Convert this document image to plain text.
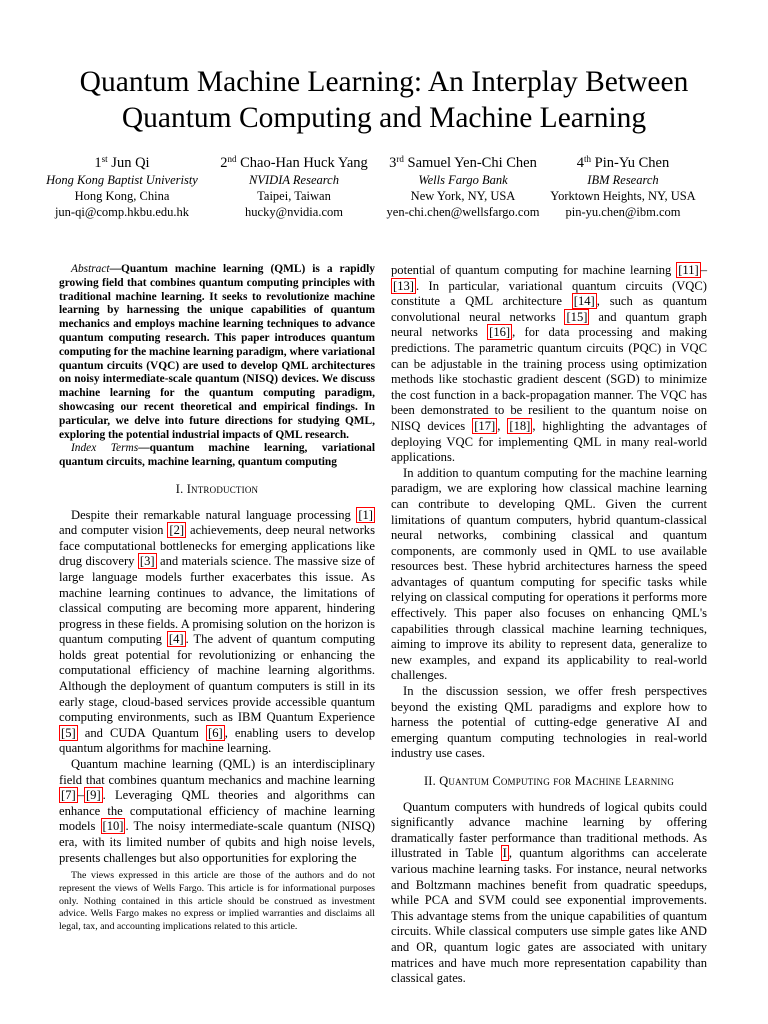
Quantum Machine Learning: An Interplay Between
Quantum Computing and Machine Learning
1st Jun Qi
Hong Kong Baptist Univeristy
Hong Kong, China
jun-qi@comp.hkbu.edu.hk
2nd Chao-Han Huck Yang
NVIDIA Research
Taipei, Taiwan
hucky@nvidia.com
3rd Samuel Yen-Chi Chen
Wells Fargo Bank
New York, NY, USA
yen-chi.chen@wellsfargo.com
4th Pin-Yu Chen
IBM Research
Yorktown Heights, NY, USA
pin-yu.chen@ibm.com

Abstract—Quantum machine learning (QML) is a rapidly growing field that combines quantum computing principles with traditional machine learning. It seeks to revolutionize machine learning by harnessing the unique capabilities of quantum mechanics and employs machine learning techniques to advance quantum computing research. This paper introduces quantum computing for the machine learning paradigm, where variational quantum circuits (VQC) are used to develop QML architectures on noisy intermediate-scale quantum (NISQ) devices. We discuss machine learning for the quantum computing paradigm, showcasing our recent theoretical and empirical findings. In particular, we delve into future directions for studying QML, exploring the potential industrial impacts of QML research.

Index Terms—quantum machine learning, variational quantum circuits, machine learning, quantum computing

I. Introduction

Despite their remarkable natural language processing [1] and computer vision [2] achievements, deep neural networks face computational bottlenecks for emerging applications like drug discovery [3] and materials science. The massive size of large language models further exacerbates this issue. As machine learning continues to advance, the limitations of classical computing are becoming more apparent, hindering progress in these fields. A promising solution on the horizon is quantum computing [4] . The advent of quantum computing holds great potential for revolutionizing or enhancing the computational efficiency of machine learning algorithms. Although the deployment of quantum computers is still in its early stage, cloud-based services provide accessible quantum computing environments, such as IBM Quantum Experience [5] and CUDA Quantum [6] , enabling users to develop quantum algorithms for machine learning.

Quantum machine learning (QML) is an interdisciplinary field that combines quantum mechanics and machine learning [7] – [9] . Leveraging QML theories and algorithms can enhance the computational efficiency of machine learning models [10] . The noisy intermediate-scale quantum (NISQ) era, with its limited number of qubits and high noise levels, presents challenges but also opportunities for exploring the

The views expressed in this article are those of the authors and do not represent the views of Wells Fargo. This article is for informational purposes only. Nothing contained in this article should be construed as investment advice. Wells Fargo makes no express or implied warranties and disclaims all legal, tax, and accounting implications related to this article.

potential of quantum computing for machine learning [11] –[13] . In particular, variational quantum circuits (VQC) constitute a QML architecture [14] , such as quantum convolutional neural networks [15] and quantum graph neural networks [16] , for data processing and making predictions. The parametric quantum circuits (PQC) in VQC can be adjustable in the training process using optimization methods like stochastic gradient descent (SGD) to minimize the cost function in a back-propagation manner. The VQC has been demonstrated to be resilient to the quantum noise on NISQ devices [17] , [18] , highlighting the advantages of deploying VQC for implementing QML in many real-world applications.

In addition to quantum computing for the machine learning paradigm, we are exploring how classical machine learning can contribute to developing QML. Given the current limitations of quantum computers, hybrid quantum-classical neural networks, combining classical and quantum components, are commonly used in QML to use available resources best. These hybrid architectures harness the speed advantages of quantum computing for specific tasks while relying on classical computing for operations it performs more effectively. This paper also focuses on enhancing QML's capabilities through classical machine learning techniques, aiming to improve its ability to represent data, generalize to new examples, and expand its applicability to real-world challenges.

In the discussion session, we offer fresh perspectives beyond the existing QML paradigms and explore how to harness the potential of cutting-edge generative AI and emerging quantum computing technologies in real-world industry use cases.

II. Quantum Computing for Machine Learning

Quantum computers with hundreds of logical qubits could significantly advance machine learning by offering dramatically faster performance than traditional methods. As illustrated in Table I , quantum algorithms can accelerate various machine learning tasks. For instance, neural networks and Boltzmann machines benefit from quadratic speedups, while PCA and SVM could see exponential improvements. This advantage stems from the unique capabilities of quantum circuits. While classical computers use simple gates like AND and OR, quantum logic gates are associated with unitary matrices and have much more representation capability than classical gates.
